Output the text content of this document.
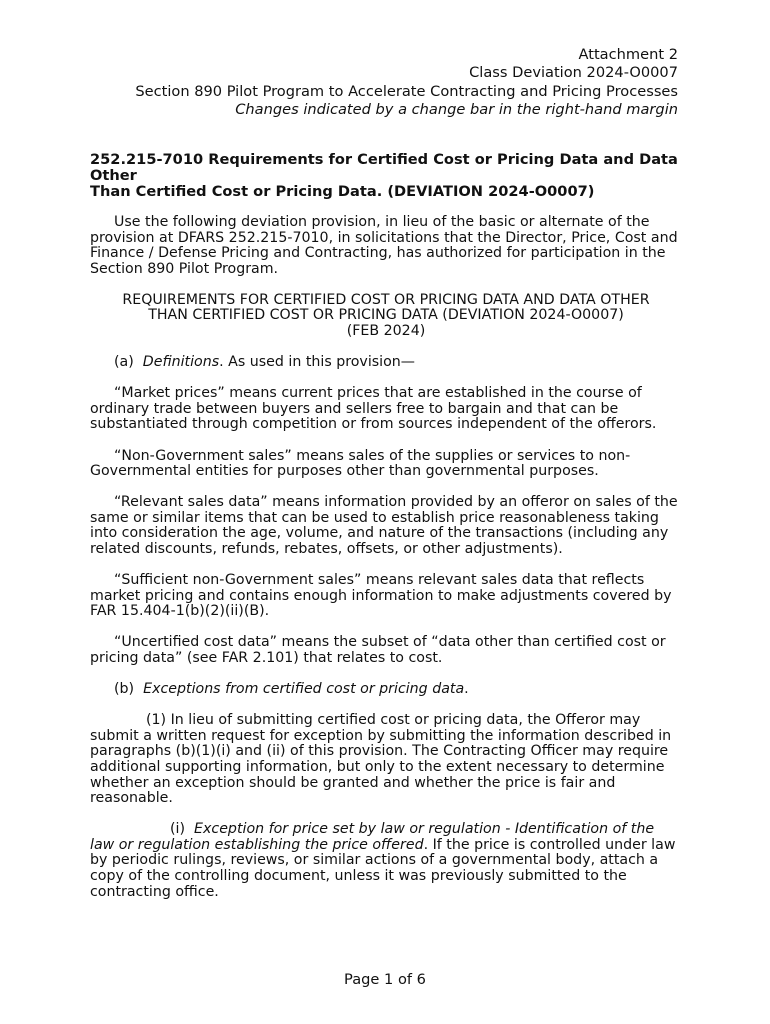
Attachment 2
Class Deviation 2024-O0007
Section 890 Pilot Program to Accelerate Contracting and Pricing Processes
Changes indicated by a change bar in the right-hand margin
252.215-7010 Requirements for Certified Cost or Pricing Data and Data Other
Than Certified Cost or Pricing Data. (DEVIATION 2024-O0007)

Use the following deviation provision, in lieu of the basic or alternate of the provision at DFARS 252.215-7010, in solicitations that the Director, Price, Cost and Finance / Defense Pricing and Contracting, has authorized for participation in the Section 890 Pilot Program.

REQUIREMENTS FOR CERTIFIED COST OR PRICING DATA AND DATA OTHER
THAN CERTIFIED COST OR PRICING DATA (DEVIATION 2024-O0007)
(FEB 2024)

(a) Definitions. As used in this provision—

“Market prices” means current prices that are established in the course of ordinary trade between buyers and sellers free to bargain and that can be substantiated through competition or from sources independent of the offerors.

“Non-Government sales” means sales of the supplies or services to non-Governmental entities for purposes other than governmental purposes.

“Relevant sales data” means information provided by an offeror on sales of the same or similar items that can be used to establish price reasonableness taking into consideration the age, volume, and nature of the transactions (including any related discounts, refunds, rebates, offsets, or other adjustments).

“Sufficient non-Government sales” means relevant sales data that reflects market pricing and contains enough information to make adjustments covered by FAR 15.404-1(b)(2)(ii)(B).

“Uncertified cost data” means the subset of “data other than certified cost or pricing data” (see FAR 2.101) that relates to cost.

(b) Exceptions from certified cost or pricing data.

(1) In lieu of submitting certified cost or pricing data, the Offeror may submit a written request for exception by submitting the information described in paragraphs (b)(1)(i) and (ii) of this provision. The Contracting Officer may require additional supporting information, but only to the extent necessary to determine whether an exception should be granted and whether the price is fair and reasonable.

(i) Exception for price set by law or regulation - Identification of the law or regulation establishing the price offered. If the price is controlled under law by periodic rulings, reviews, or similar actions of a governmental body, attach a copy of the controlling document, unless it was previously submitted to the contracting office.

Page 1 of 6
